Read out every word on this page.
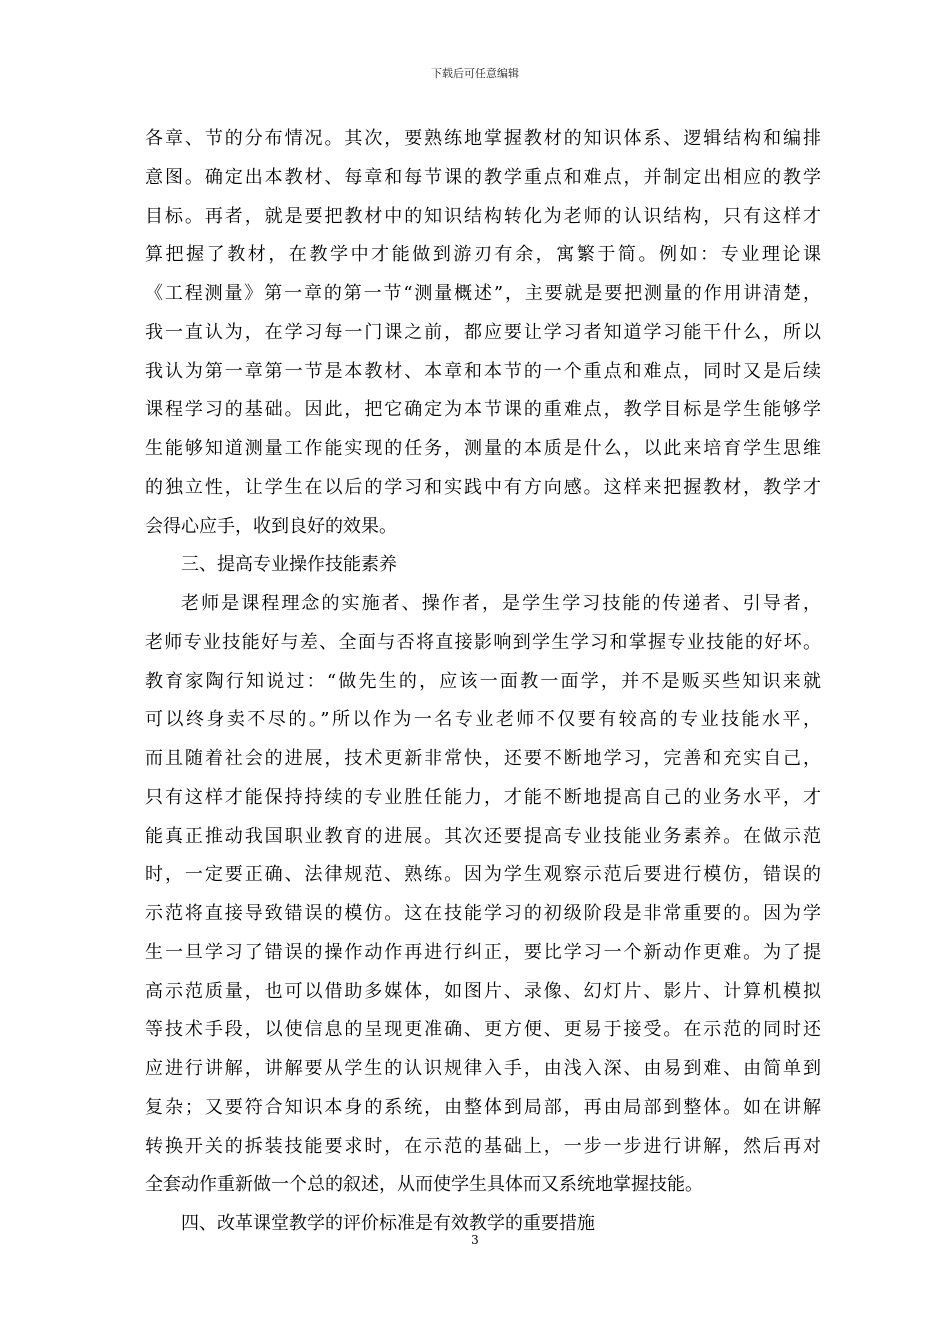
下载后可任意编辑
各章、节的分布情况。其次，要熟练地掌握教材的知识体系、逻辑结构和编排
意图。确定出本教材、每章和每节课的教学重点和难点，并制定出相应的教学
目标。再者，就是要把教材中的知识结构转化为老师的认识结构，只有这样才
算把握了教材，在教学中才能做到游刃有余，寓繁于简。例如：专业理论课
《工程测量》第一章的第一节“测量概述”，主要就是要把测量的作用讲清楚，
我一直认为，在学习每一门课之前，都应要让学习者知道学习能干什么，所以
我认为第一章第一节是本教材、本章和本节的一个重点和难点，同时又是后续
课程学习的基础。因此，把它确定为本节课的重难点，教学目标是学生能够学
生能够知道测量工作能实现的任务，测量的本质是什么，以此来培育学生思维
的独立性，让学生在以后的学习和实践中有方向感。这样来把握教材，教学才
会得心应手，收到良好的效果。
三、提高专业操作技能素养
老师是课程理念的实施者、操作者，是学生学习技能的传递者、引导者，
老师专业技能好与差、全面与否将直接影响到学生学习和掌握专业技能的好坏。
教育家陶行知说过：“做先生的，应该一面教一面学，并不是贩买些知识来就
可以终身卖不尽的。”所以作为一名专业老师不仅要有较高的专业技能水平，
而且随着社会的进展，技术更新非常快，还要不断地学习，完善和充实自己，
只有这样才能保持持续的专业胜任能力，才能不断地提高自己的业务水平，才
能真正推动我国职业教育的进展。其次还要提高专业技能业务素养。在做示范
时，一定要正确、法律规范、熟练。因为学生观察示范后要进行模仿，错误的
示范将直接导致错误的模仿。这在技能学习的初级阶段是非常重要的。因为学
生一旦学习了错误的操作动作再进行纠正，要比学习一个新动作更难。为了提
高示范质量，也可以借助多媒体，如图片、录像、幻灯片、影片、计算机模拟
等技术手段，以使信息的呈现更准确、更方便、更易于接受。在示范的同时还
应进行讲解，讲解要从学生的认识规律入手，由浅入深、由易到难、由简单到
复杂；又要符合知识本身的系统，由整体到局部，再由局部到整体。如在讲解
转换开关的拆装技能要求时，在示范的基础上，一步一步进行讲解，然后再对
全套动作重新做一个总的叙述，从而使学生具体而又系统地掌握技能。
四、改革课堂教学的评价标准是有效教学的重要措施
3
